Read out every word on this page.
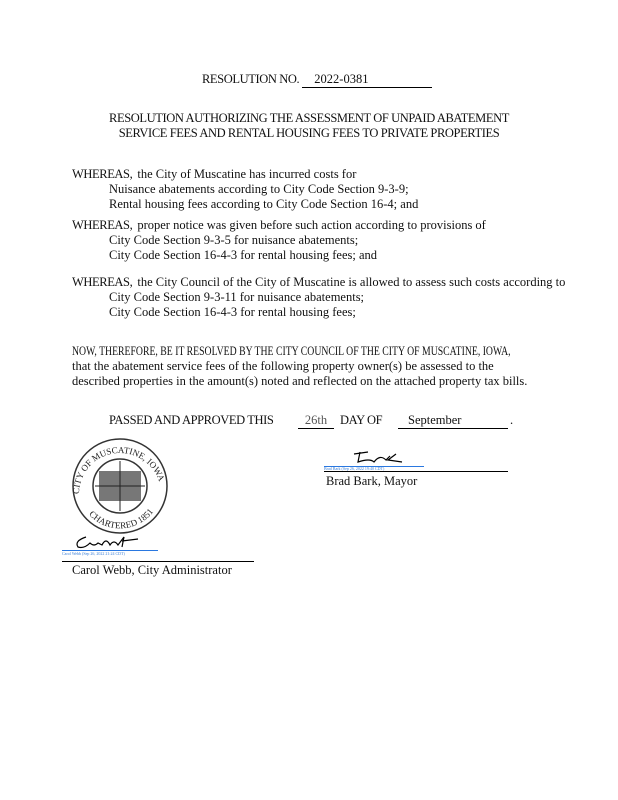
RESOLUTION NO. 2022-0381
RESOLUTION AUTHORIZING THE ASSESSMENT OF UNPAID ABATEMENT
SERVICE FEES AND RENTAL HOUSING FEES TO PRIVATE PROPERTIES
WHEREAS, the City of Muscatine has incurred costs for
Nuisance abatements according to City Code Section 9-3-9;
Rental housing fees according to City Code Section 16-4; and
WHEREAS, proper notice was given before such action according to provisions of
City Code Section 9-3-5 for nuisance abatements;
City Code Section 16-4-3 for rental housing fees; and
WHEREAS, the City Council of the City of Muscatine is allowed to assess such costs according to
City Code Section 9-3-11 for nuisance abatements;
City Code Section 16-4-3 for rental housing fees;
NOW, THEREFORE, BE IT RESOLVED BY THE CITY COUNCIL OF THE CITY OF MUSCATINE, IOWA,
that the abatement service fees of the following property owner(s) be assessed to the
described properties in the amount(s) noted and reflected on the attached property tax bills.
PASSED AND APPROVED THIS	26th	DAY OF	September	.
CITY OF MUSCATINE, IOWA
CHARTERED 1851
Brad Bark (Sep 26, 2022 19:40 CDT)
Brad Bark, Mayor
Carol Webb (Sep 26, 2022 21:24 CDT)
Carol Webb, City Administrator
